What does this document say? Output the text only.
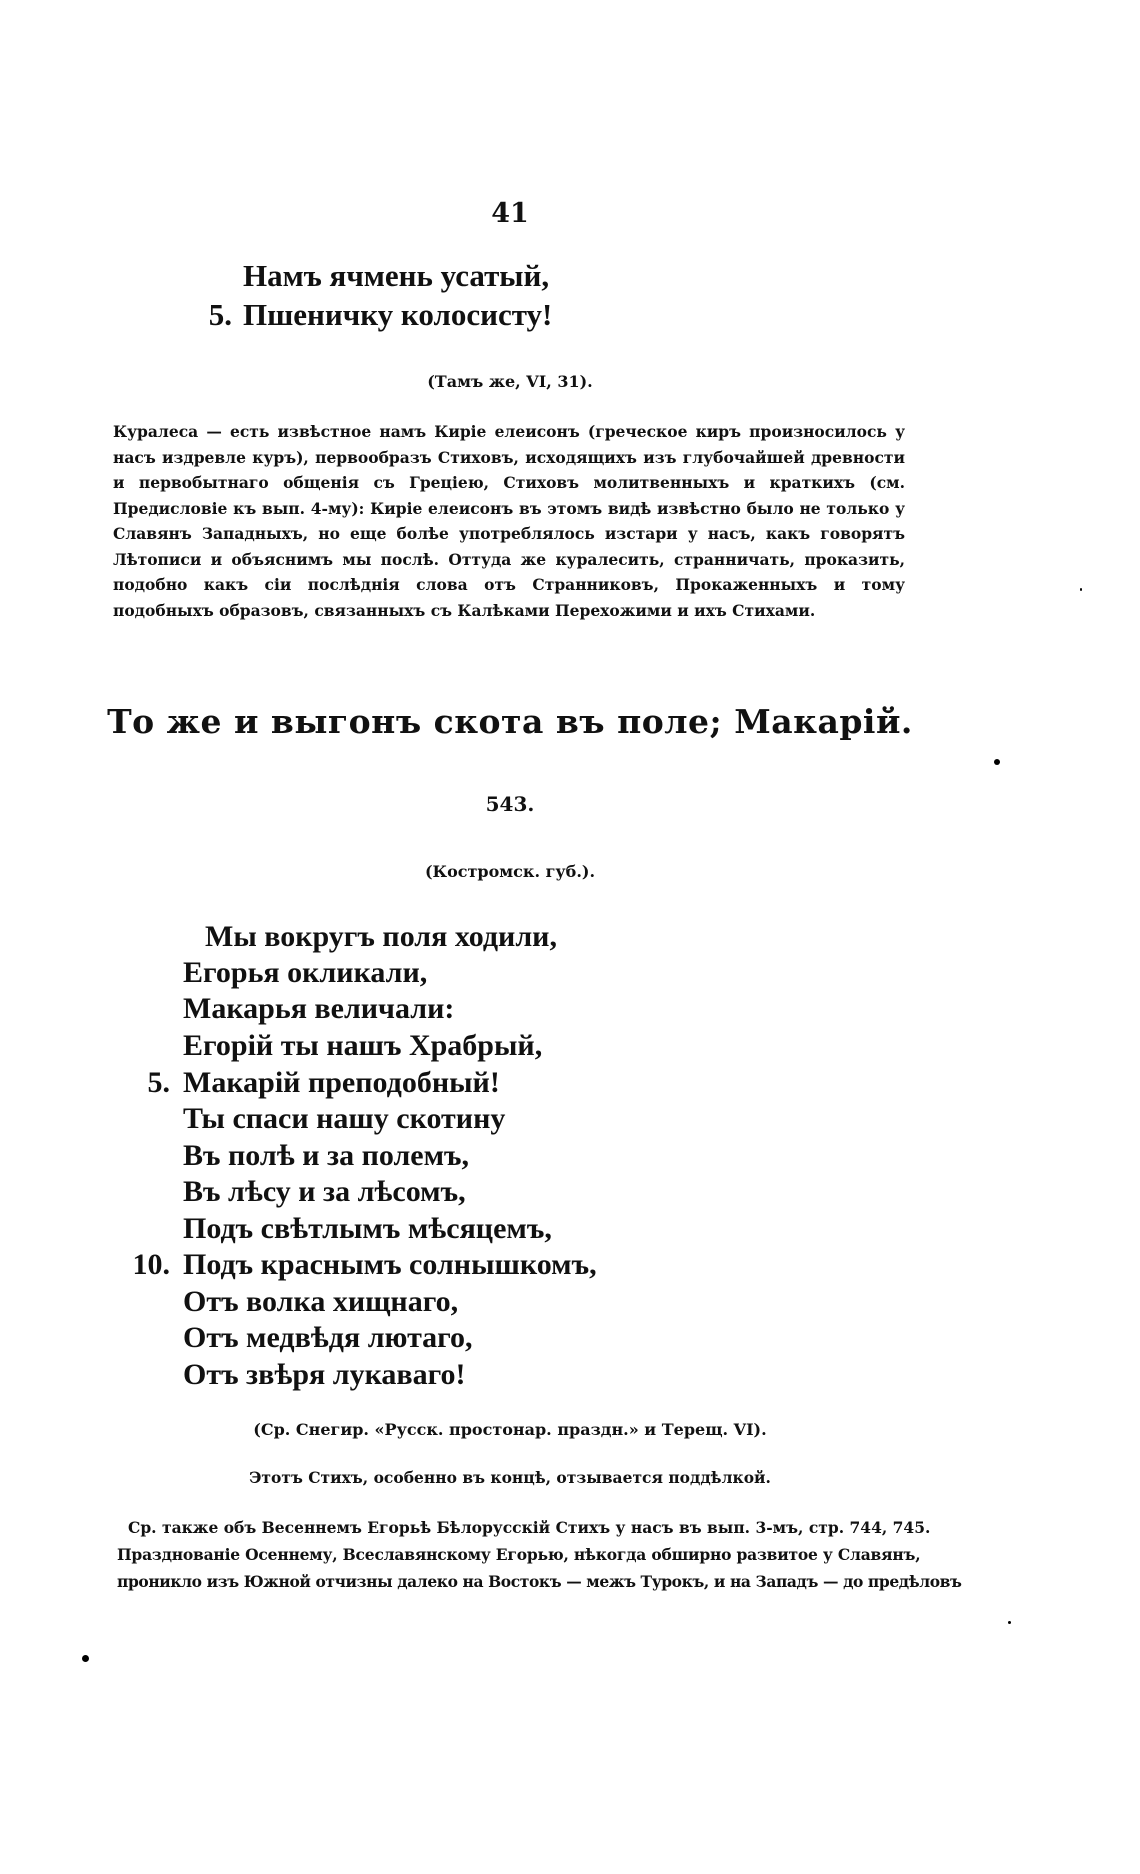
41
Намъ ячмень усатый,
5. Пшеничку колосисту!
(Тамъ же, VI, 31).
Куралеса — есть извѣстное намъ Киріе елеисонъ (греческое киръ произносилось у насъ издревле куръ), первообразъ Стиховъ, исходящихъ изъ глубочайшей древности и первобытнаго общенія съ Греціею, Стиховъ молитвенныхъ и краткихъ (см. Предисловіе къ вып. 4-му): Киріе елеисонъ въ этомъ видѣ извѣстно было не только у Славянъ Западныхъ, но еще болѣе употреблялось изстари у насъ, какъ говорятъ Лѣтописи и объяснимъ мы послѣ. Оттуда же куралесить, странничать, проказить, подобно какъ сіи послѣднія слова отъ Странниковъ, Прокаженныхъ и тому подобныхъ образовъ, связанныхъ съ Калѣками Перехожими и ихъ Стихами.
То же и выгонъ скота въ поле; Макарій.
543.
(Костромск. губ.).
Мы вокругъ поля ходили,
Егорья окликали,
Макарья величали:
Егорій ты нашъ Храбрый,
5. Макарій преподобный!
Ты спаси нашу скотину
Въ полѣ и за полемъ,
Въ лѣсу и за лѣсомъ,
Подъ свѣтлымъ мѣсяцемъ,
10. Подъ краснымъ солнышкомъ,
Отъ волка хищнаго,
Отъ медвѣдя лютаго,
Отъ звѣря лукаваго!
(Ср. Снегир. «Русск. простонар. праздн.» и Терещ. VI).
Этотъ Стихъ, особенно въ концѣ, отзывается поддѣлкой.
Ср. также объ Весеннемъ Егорьѣ Бѣлорусскій Стихъ у насъ въ вып. 3-мъ, стр. 744, 745.
Празднованіе Осеннему, Всеславянскому Егорью, нѣкогда обширно развитое у Славянъ,
проникло изъ Южной отчизны далеко на Востокъ — межъ Турокъ, и на Западъ — до предѣловъ
